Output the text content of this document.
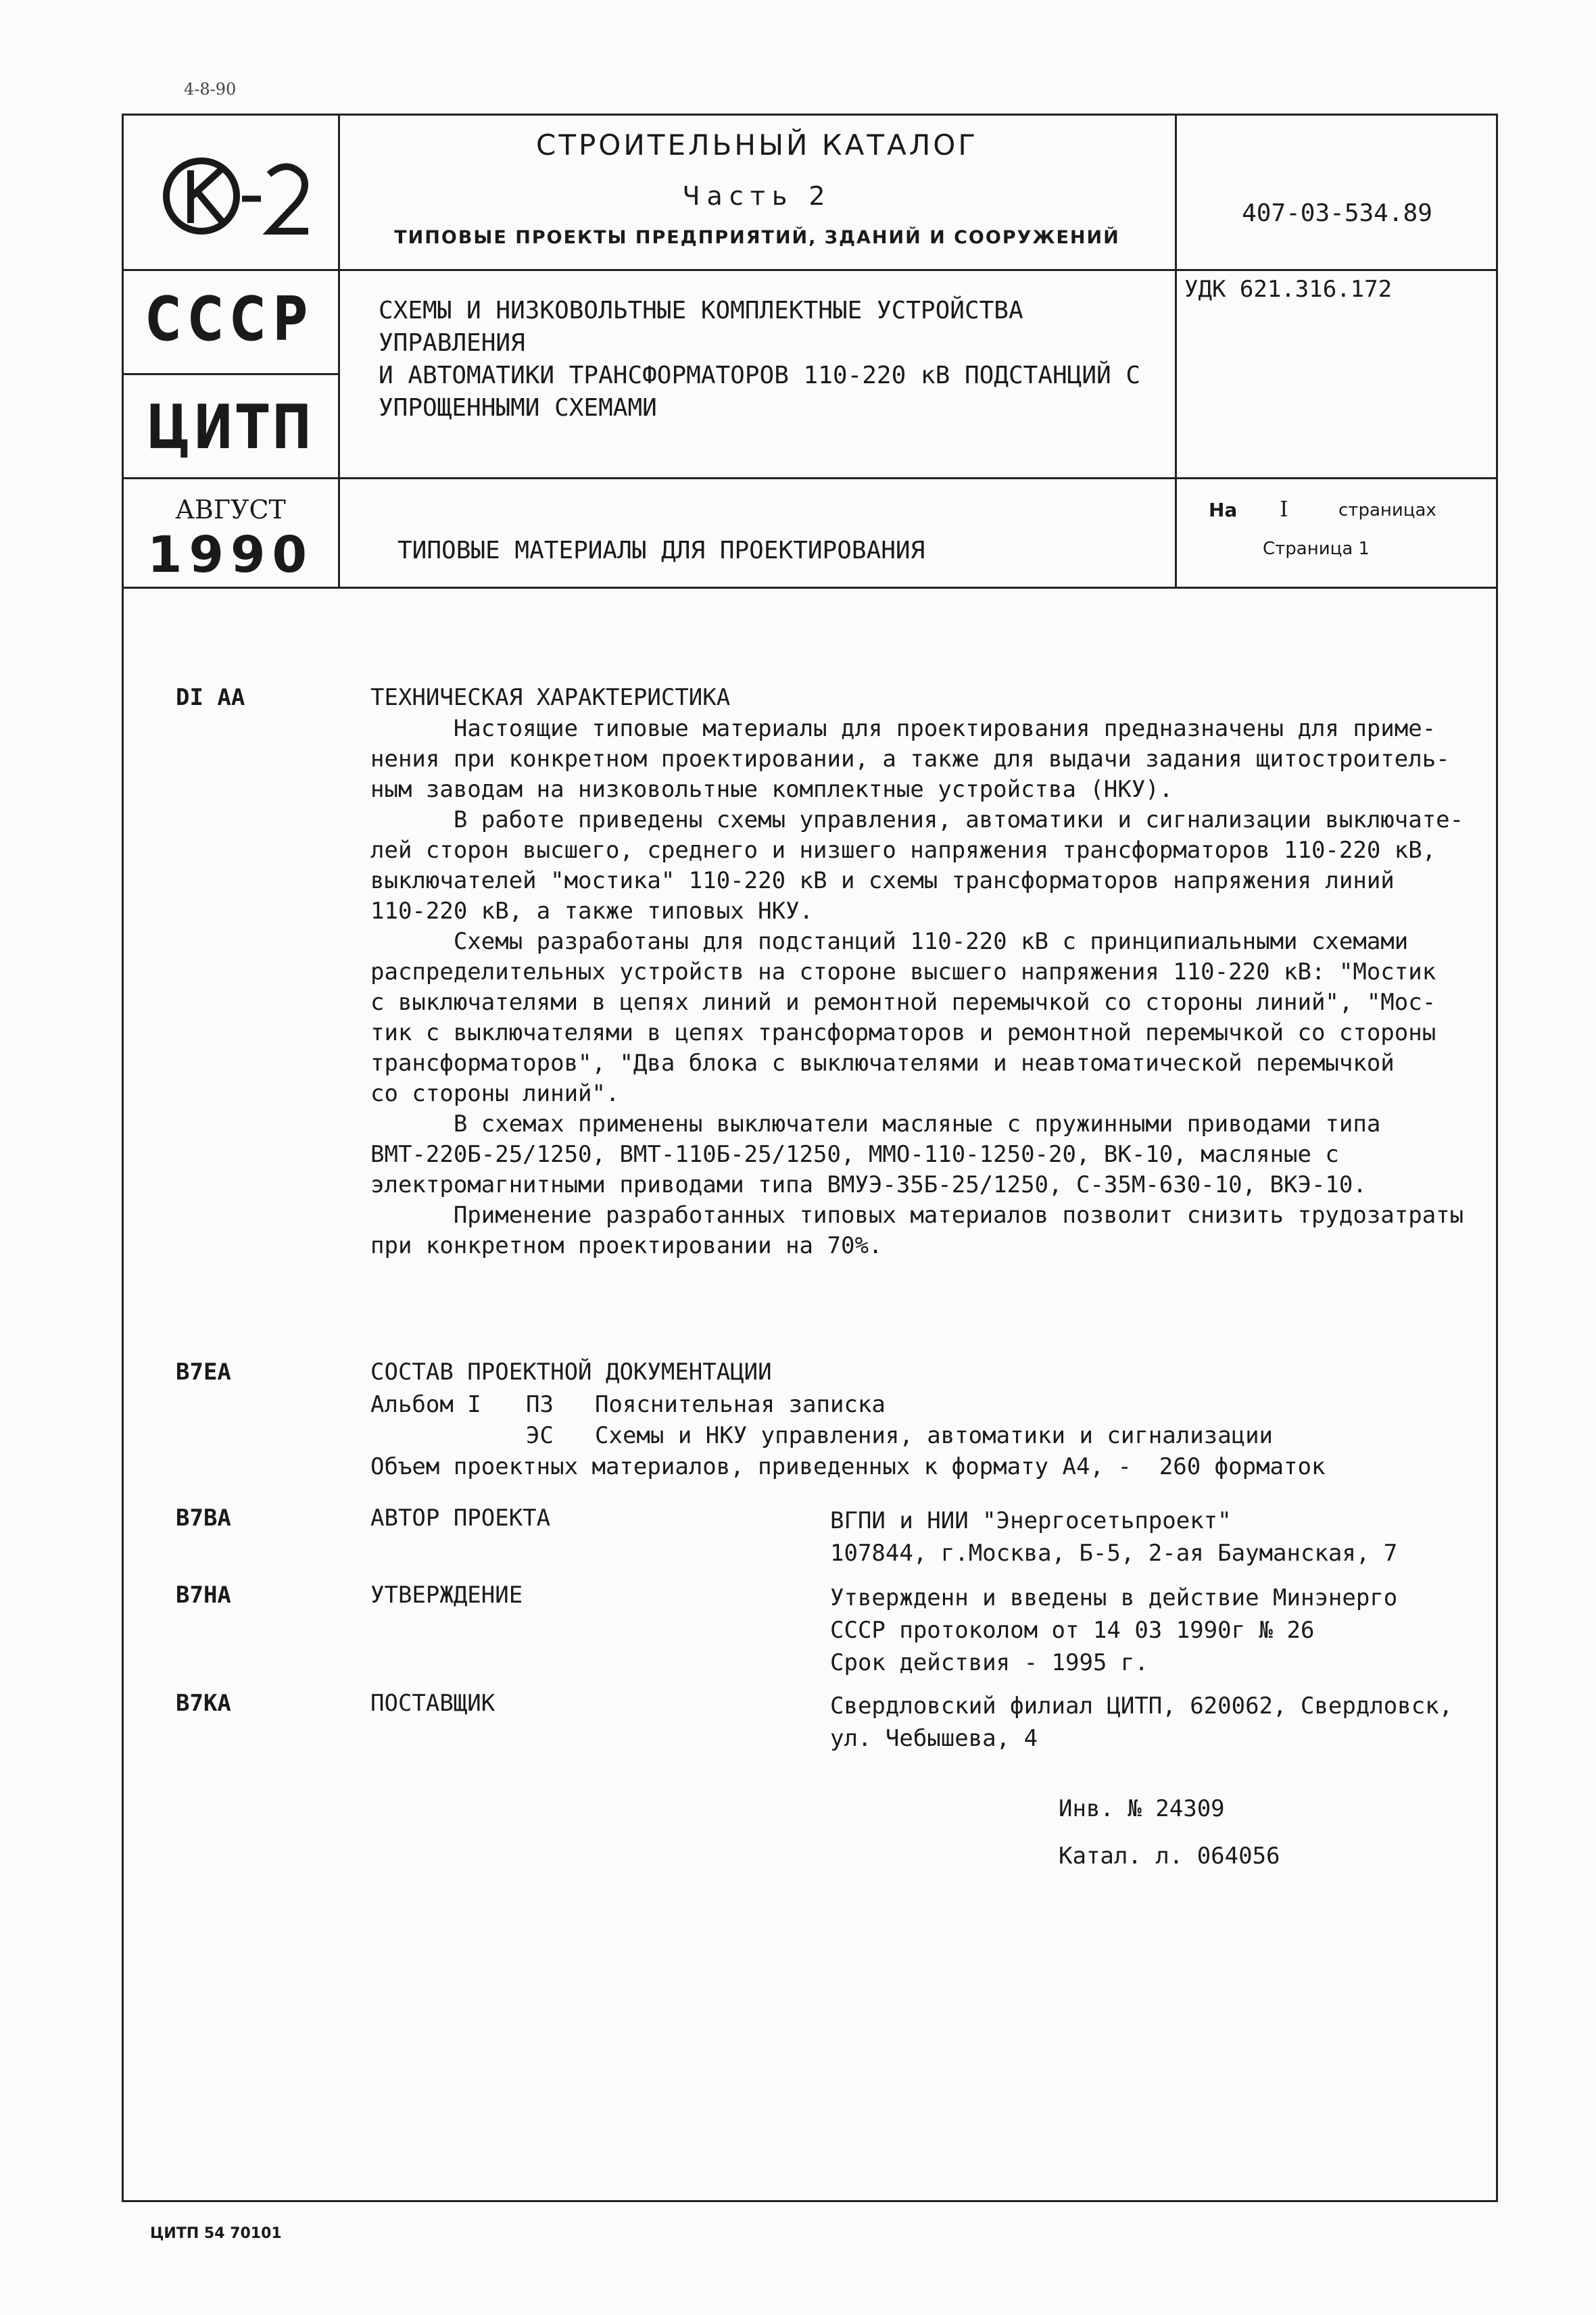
4-8-90
СССР
ЦИТП
АВГУСТ
1990
СТРОИТЕЛЬНЫЙ КАТАЛОГ
Часть 2
ТИПОВЫЕ ПРОЕКТЫ ПРЕДПРИЯТИЙ, ЗДАНИЙ И СООРУЖЕНИЙ
407-03-534.89
СХЕМЫ И НИЗКОВОЛЬТНЫЕ КОМПЛЕКТНЫЕ УСТРОЙСТВА УПРАВЛЕНИЯ
И АВТОМАТИКИ ТРАНСФОРМАТОРОВ 110-220 кВ ПОДСТАНЦИЙ С
УПРОЩЕННЫМИ СХЕМАМИ
УДК 621.316.172
ТИПОВЫЕ МАТЕРИАЛЫ ДЛЯ ПРОЕКТИРОВАНИЯ
На I	страницах
Страница 1
DI AA	ТЕХНИЧЕСКАЯ ХАРАКТЕРИСТИКА

Настоящие типовые материалы для проектирования предназначены для приме-

нения при конкретном проектировании, а также для выдачи задания щитостроитель-

ным заводам на низковольтные комплектные устройства (НКУ).

В работе приведены схемы управления, автоматики и сигнализации выключате-

лей сторон высшего, среднего и низшего напряжения трансформаторов 110-220 кВ,

выключателей "мостика" 110-220 кВ и схемы трансформаторов напряжения линий

110-220 кВ, а также типовых НКУ.

Схемы разработаны для подстанций 110-220 кВ с принципиальными схемами

распределительных устройств на стороне высшего напряжения 110-220 кВ: "Мостик

с выключателями в цепях линий и ремонтной перемычкой со стороны линий", "Мос-

тик с выключателями в цепях трансформаторов и ремонтной перемычкой со стороны

трансформаторов", "Два блока с выключателями и неавтоматической перемычкой

со стороны линий".

В схемах применены выключатели масляные с пружинными приводами типа

ВМТ-220Б-25/1250, ВМТ-110Б-25/1250, ММО-110-1250-20, ВК-10, масляные с

электромагнитными приводами типа ВМУЭ-35Б-25/1250, С-35М-630-10, ВКЭ-10.

Применение разработанных типовых материалов позволит снизить трудозатраты

при конкретном проектировании на 70%.

В7ЕА	СОСТАВ ПРОЕКТНОЙ ДОКУМЕНТАЦИИ
Альбом I ПЗ Пояснительная записка
ЭС Схемы и НКУ управления, автоматики и сигнализации
Объем проектных материалов, приведенных к формату А4, -  260 форматок
В7ВА	АВТОР ПРОЕКТА	ВГПИ и НИИ "Энергосетьпроект"
107844, г.Москва, Б-5, 2-ая Бауманская, 7
В7НА	УТВЕРЖДЕНИЕ	Утвержденн и введены в действие Минэнерго
СССР протоколом от 14 03 1990г № 26
Срок действия - 1995 г.
В7КА	ПОСТАВЩИК	Свердловский филиал ЦИТП, 620062, Свердловск,
ул. Чебышева, 4
Инв. № 24309
Катал. л. 064056
ЦИТП 54 70101
